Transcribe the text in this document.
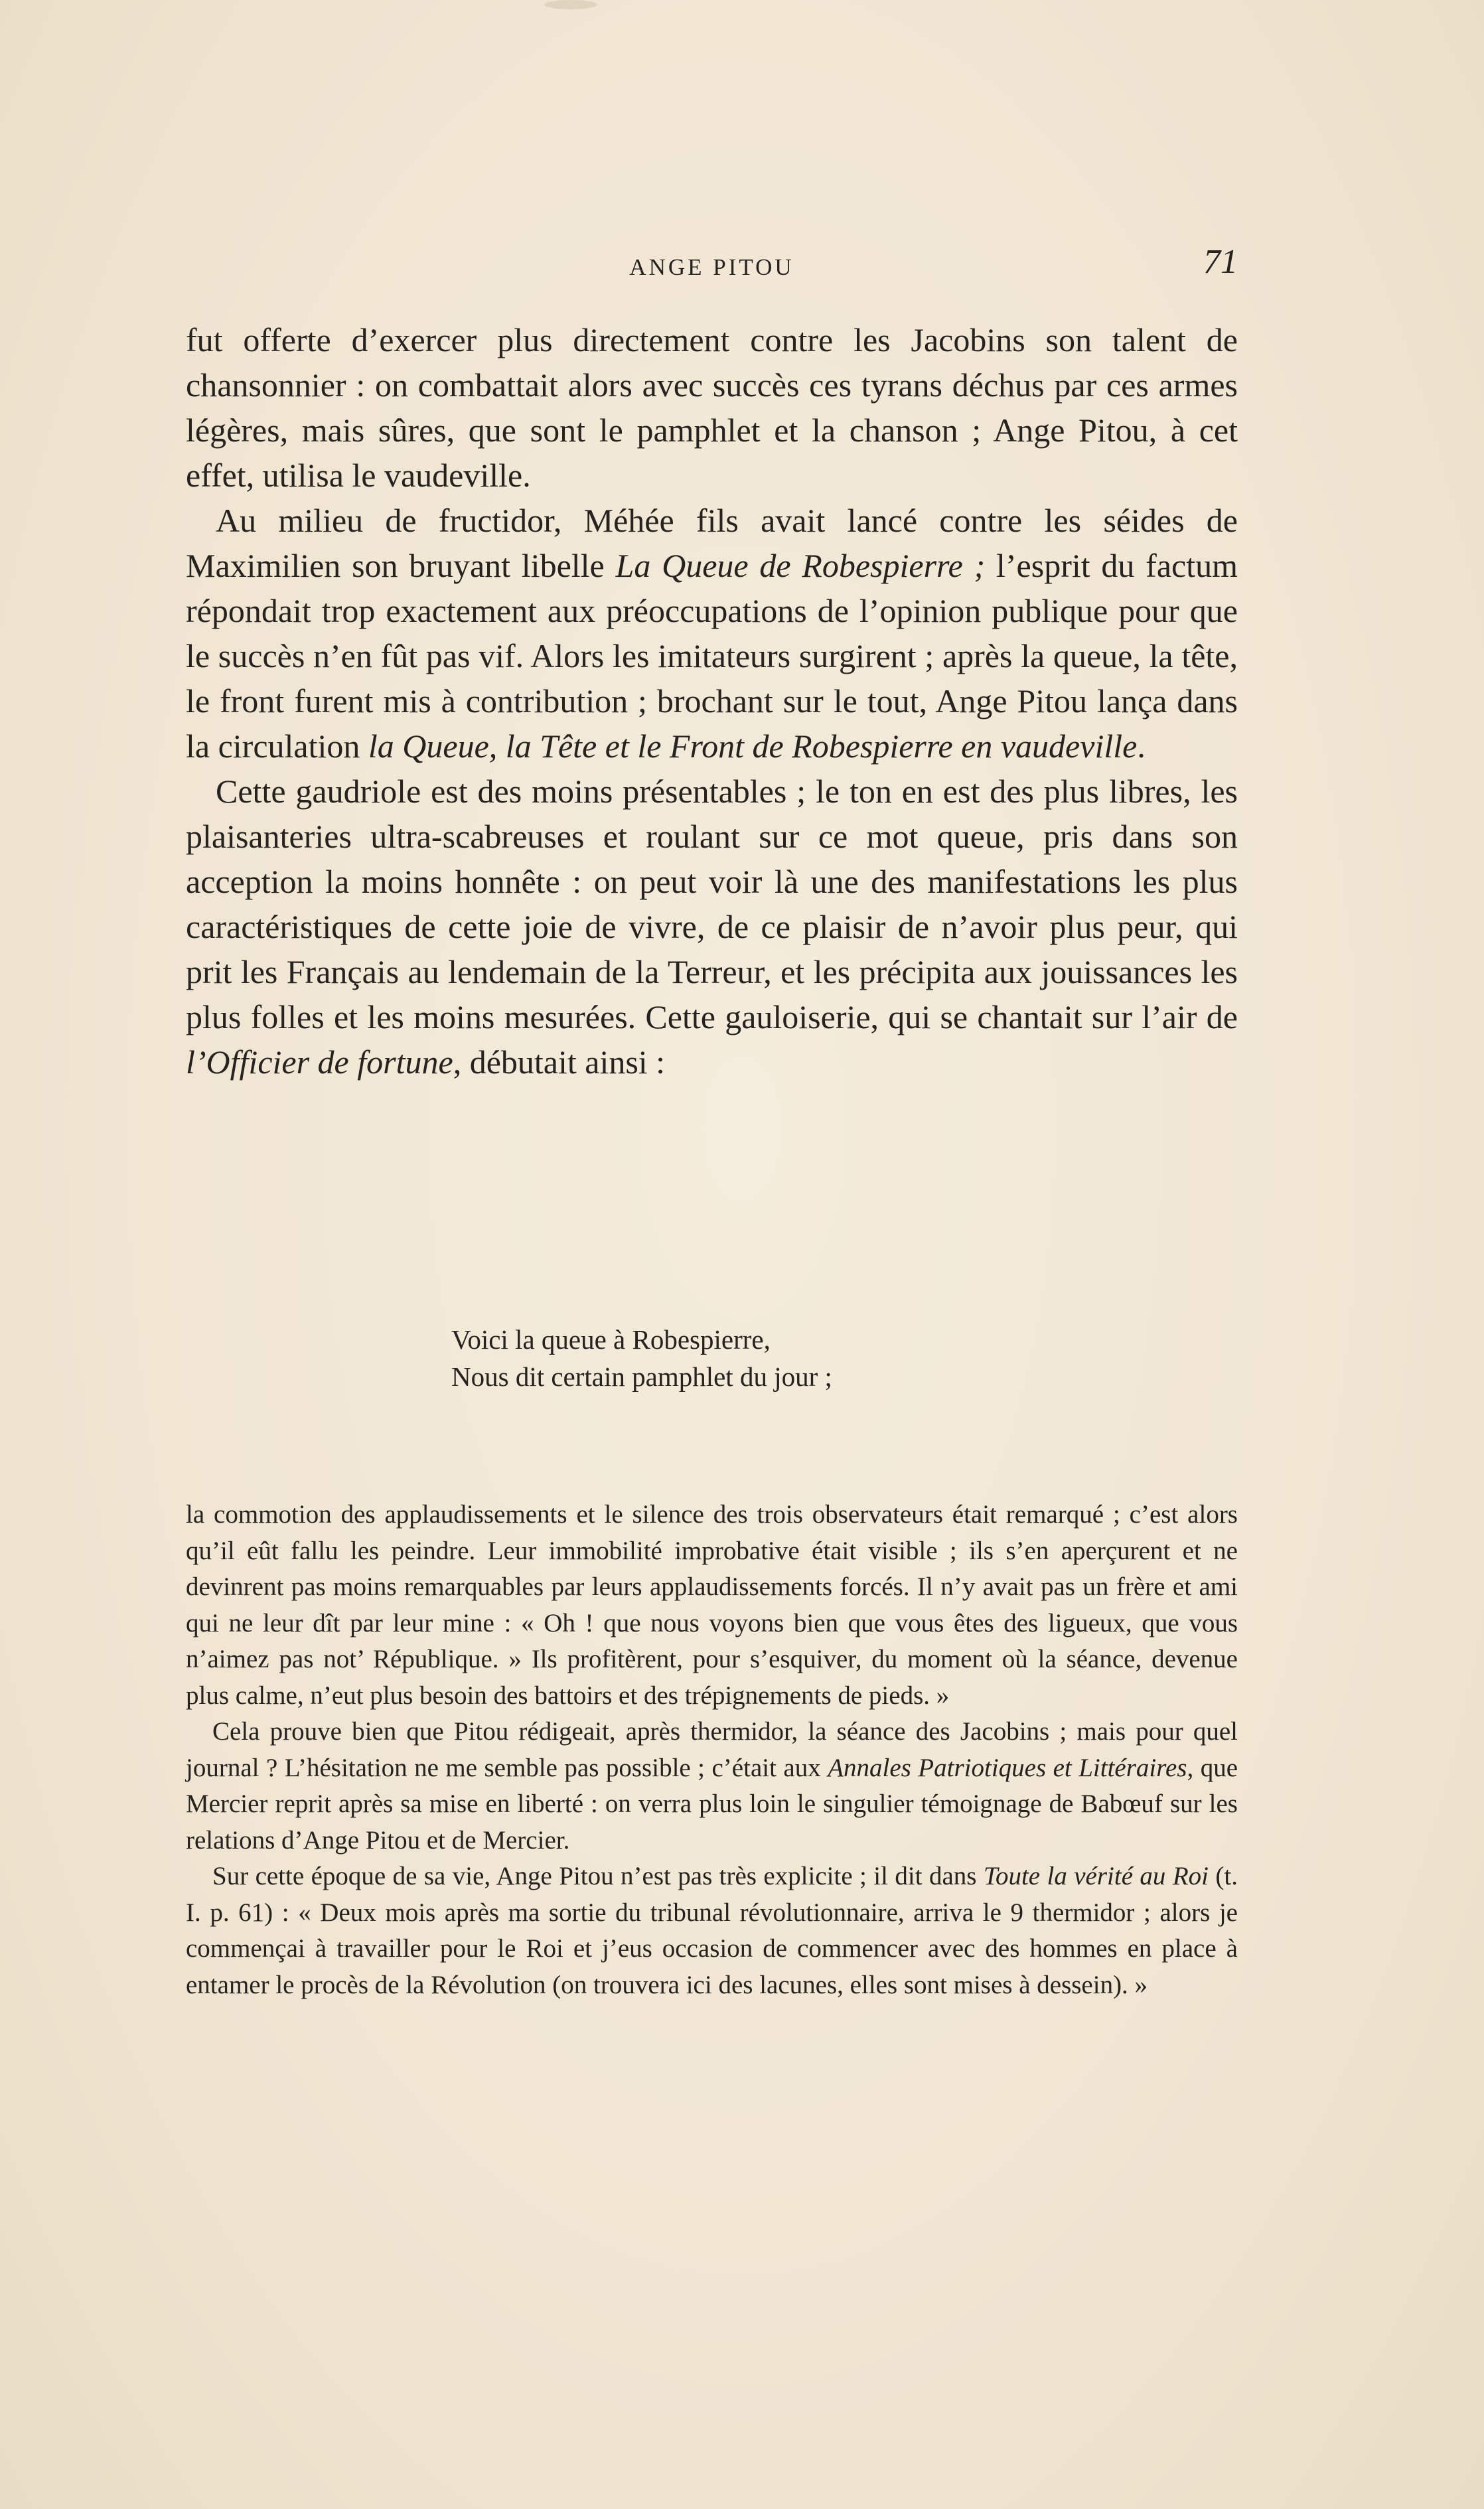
ANGE PITOU	71

fut offerte d’exercer plus directement contre les Jacobins son talent de chansonnier : on combattait alors avec succès ces tyrans déchus par ces armes légères, mais sûres, que sont le pamphlet et la chanson ; Ange Pitou, à cet effet, utilisa le vaudeville.

Au milieu de fructidor, Méhée fils avait lancé contre les séides de Maximilien son bruyant libelle La Queue de Robespierre ; l’esprit du factum répondait trop exactement aux préoccupations de l’opinion publique pour que le succès n’en fût pas vif. Alors les imitateurs surgirent ; après la queue, la tête, le front furent mis à contribution ; brochant sur le tout, Ange Pitou lança dans la circulation la Queue, la Tête et le Front de Robespierre en vaudeville.

Cette gaudriole est des moins présentables ; le ton en est des plus libres, les plaisanteries ultra-scabreuses et roulant sur ce mot queue, pris dans son acception la moins honnête : on peut voir là une des manifestations les plus caractéristiques de cette joie de vivre, de ce plaisir de n’avoir plus peur, qui prit les Français au lendemain de la Terreur, et les précipita aux jouissances les plus folles et les moins mesurées. Cette gauloiserie, qui se chantait sur l’air de l’Officier de fortune, débutait ainsi :

Voici la queue à Robespierre,
Nous dit certain pamphlet du jour ;

la commotion des applaudissements et le silence des trois observateurs était remarqué ; c’est alors qu’il eût fallu les peindre. Leur immobilité improbative était visible ; ils s’en aperçurent et ne devinrent pas moins remarquables par leurs applaudissements forcés. Il n’y avait pas un frère et ami qui ne leur dît par leur mine : « Oh ! que nous voyons bien que vous êtes des ligueux, que vous n’aimez pas not’ République. » Ils profitèrent, pour s’esquiver, du moment où la séance, devenue plus calme, n’eut plus besoin des battoirs et des trépignements de pieds. »

Cela prouve bien que Pitou rédigeait, après thermidor, la séance des Jacobins ; mais pour quel journal ? L’hésitation ne me semble pas possible ; c’était aux Annales Patriotiques et Littéraires, que Mercier reprit après sa mise en liberté : on verra plus loin le singulier témoignage de Babœuf sur les relations d’Ange Pitou et de Mercier.

Sur cette époque de sa vie, Ange Pitou n’est pas très explicite ; il dit dans Toute la vérité au Roi (t. I. p. 61) : « Deux mois après ma sortie du tribunal révolutionnaire, arriva le 9 thermidor ; alors je commençai à travailler pour le Roi et j’eus occasion de commencer avec des hommes en place à entamer le procès de la Révolution (on trouvera ici des lacunes, elles sont mises à dessein). »
